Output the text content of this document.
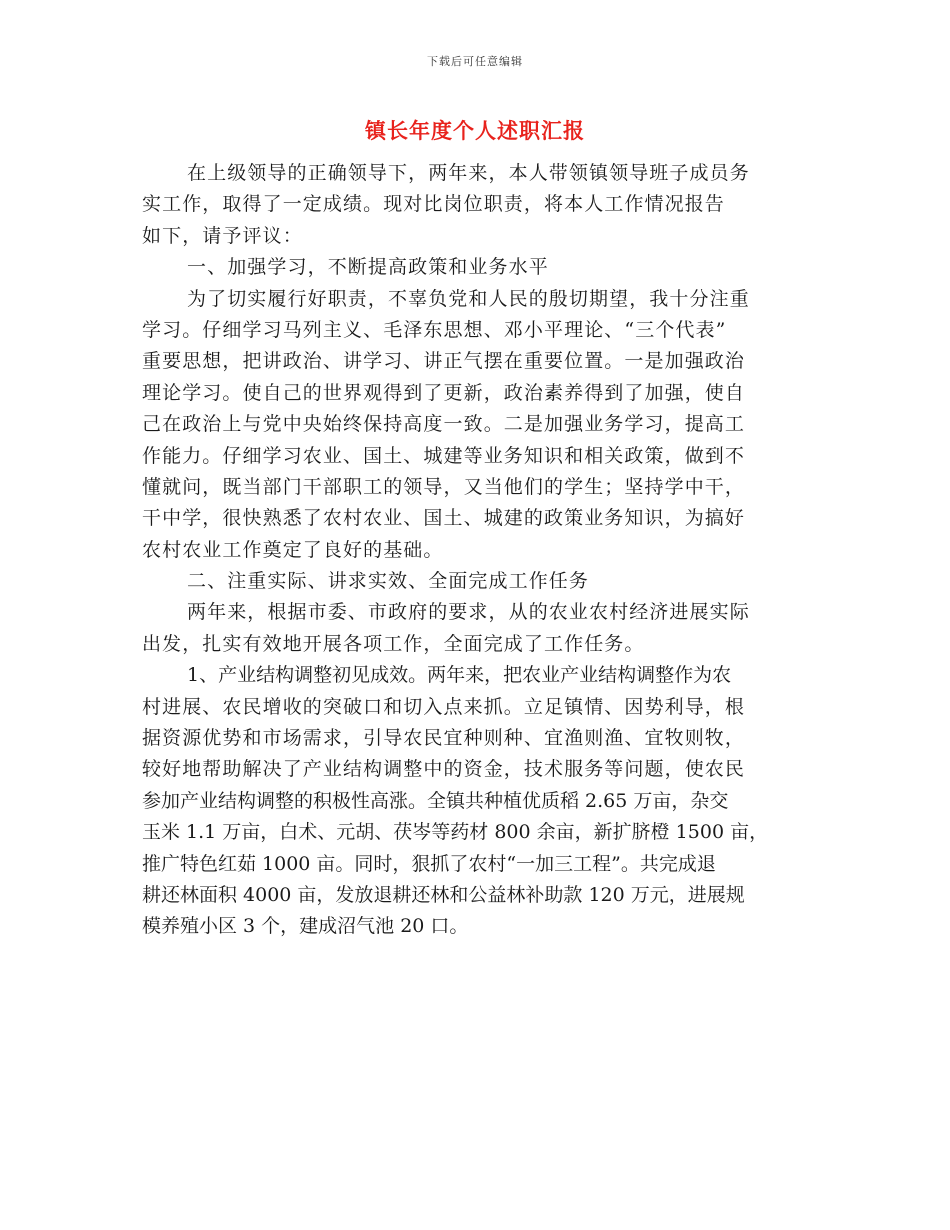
下载后可任意编辑
镇长年度个人述职汇报
在上级领导的正确领导下，两年来，本人带领镇领导班子成员务
实工作，取得了一定成绩。现对比岗位职责，将本人工作情况报告
如下，请予评议：
一、加强学习，不断提高政策和业务水平
为了切实履行好职责，不辜负党和人民的殷切期望，我十分注重
学习。仔细学习马列主义、毛泽东思想、邓小平理论、“三个代表”
重要思想，把讲政治、讲学习、讲正气摆在重要位置。一是加强政治
理论学习。使自己的世界观得到了更新，政治素养得到了加强，使自
己在政治上与党中央始终保持高度一致。二是加强业务学习，提高工
作能力。仔细学习农业、国土、城建等业务知识和相关政策，做到不
懂就问，既当部门干部职工的领导，又当他们的学生；坚持学中干，
干中学，很快熟悉了农村农业、国土、城建的政策业务知识，为搞好
农村农业工作奠定了良好的基础。
二、注重实际、讲求实效、全面完成工作任务
两年来，根据市委、市政府的要求，从的农业农村经济进展实际
出发，扎实有效地开展各项工作，全面完成了工作任务。
1、产业结构调整初见成效。两年来，把农业产业结构调整作为农
村进展、农民增收的突破口和切入点来抓。立足镇情、因势利导，根
据资源优势和市场需求，引导农民宜种则种、宜渔则渔、宜牧则牧，
较好地帮助解决了产业结构调整中的资金，技术服务等问题，使农民
参加产业结构调整的积极性高涨。全镇共种植优质稻 2.65 万亩，杂交
玉米 1.1 万亩，白术、元胡、茯岑等药材 800 余亩，新扩脐橙 1500 亩，
推广特色红茹 1000 亩。同时，狠抓了农村“一加三工程”。共完成退
耕还林面积 4000 亩，发放退耕还林和公益林补助款 120 万元，进展规
模养殖小区 3 个，建成沼气池 20 口。
